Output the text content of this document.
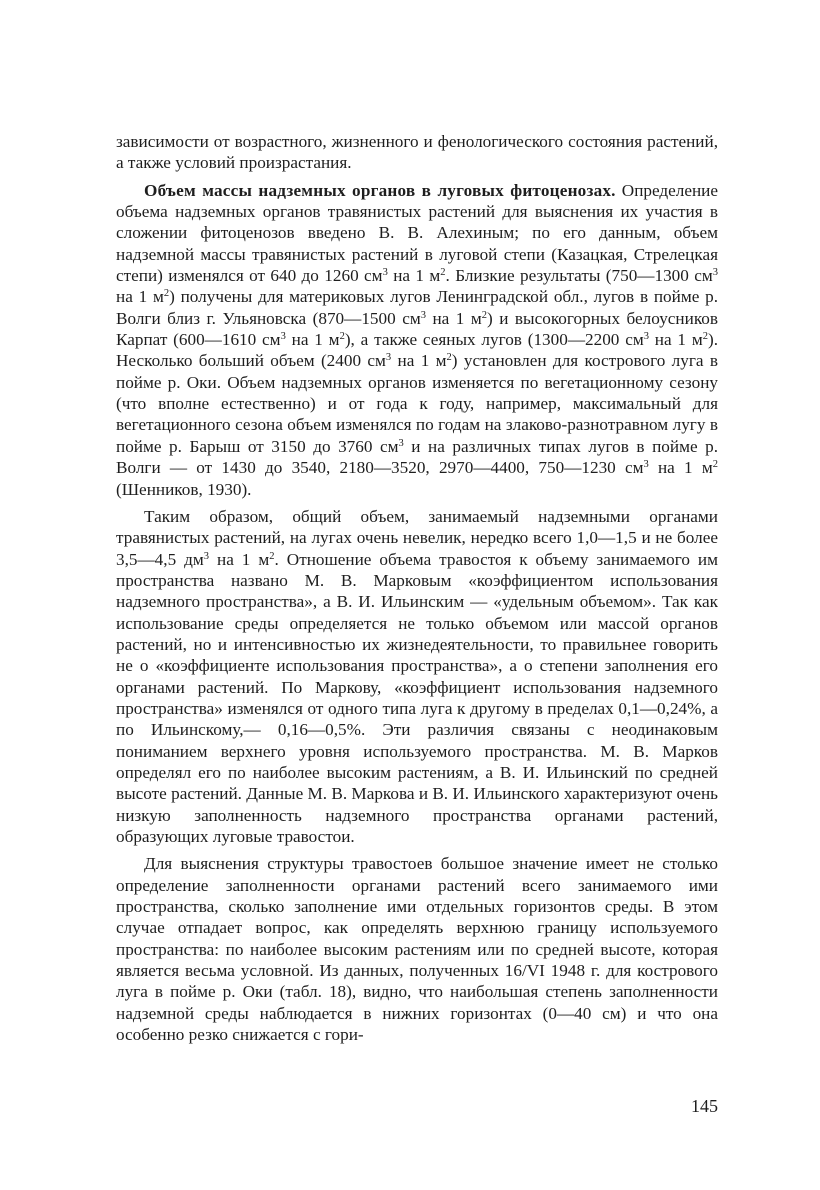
зависимости от возрастного, жизненного и фенологического состояния растений, а также условий произрастания.

Объем массы надземных органов в луговых фитоценозах. Определение объема надземных органов травянистых растений для выяснения их участия в сложении фитоценозов введено В. В. Алехиным; по его данным, объем надземной массы травянистых растений в луговой степи (Казацкая, Стрелецкая степи) изменялся от 640 до 1260 $см^3$ на 1 $м^2$. Близкие результаты (750—1300 $см^3$ на 1 $м^2$) получены для материковых лугов Ленинградской обл., лугов в пойме р. Волги близ г. Ульяновска (870—1500 $см^3$ на 1 $м^2$) и высокогорных белоусников Карпат (600—1610 $см^3$ на 1 $м^2$), а также сеяных лугов (1300—2200 $см^3$ на 1 $м^2$). Несколько больший объем (2400 $см^3$ на 1 $м^2$) установлен для кострового луга в пойме р. Оки. Объем надземных органов изменяется по вегетационному сезону (что вполне естественно) и от года к году, например, максимальный для вегетационного сезона объем изменялся по годам на злаково-разнотравном лугу в пойме р. Барыш от 3150 до 3760 $см^3$ и на различных типах лугов в пойме р. Волги — от 1430 до 3540, 2180—3520, 2970—4400, 750—1230 $см^3$ на 1 $м^2$ (Шенников, 1930).

Таким образом, общий объем, занимаемый надземными органами травянистых растений, на лугах очень невелик, нередко всего 1,0—1,5 и не более 3,5—4,5 $дм^3$ на 1 $м^2$. Отношение объема травостоя к объему занимаемого им пространства названо М. В. Марковым «коэффициентом использования надземного пространства», а В. И. Ильинским — «удельным объемом». Так как использование среды определяется не только объемом или массой органов растений, но и интенсивностью их жизнедеятельности, то правильнее говорить не о «коэффициенте использования пространства», а о степени заполнения его органами растений. По Маркову, «коэффициент использования надземного пространства» изменялся от одного типа луга к другому в пределах 0,1—0,24%, а по Ильинскому,— 0,16—0,5%. Эти различия связаны с неодинаковым пониманием верхнего уровня используемого пространства. М. В. Марков определял его по наиболее высоким растениям, а В. И. Ильинский по средней высоте растений. Данные М. В. Маркова и В. И. Ильинского характеризуют очень низкую заполненность надземного пространства органами растений, образующих луговые травостои.

Для выяснения структуры травостоев большое значение имеет не столько определение заполненности органами растений всего занимаемого ими пространства, сколько заполнение ими отдельных горизонтов среды. В этом случае отпадает вопрос, как определять верхнюю границу используемого пространства: по наиболее высоким растениям или по средней высоте, которая является весьма условной. Из данных, полученных 16/VI 1948 г. для кострового луга в пойме р. Оки (табл. 18), видно, что наибольшая степень заполненности надземной среды наблюдается в нижних горизонтах (0—40 см) и что она особенно резко снижается с гори-

145
